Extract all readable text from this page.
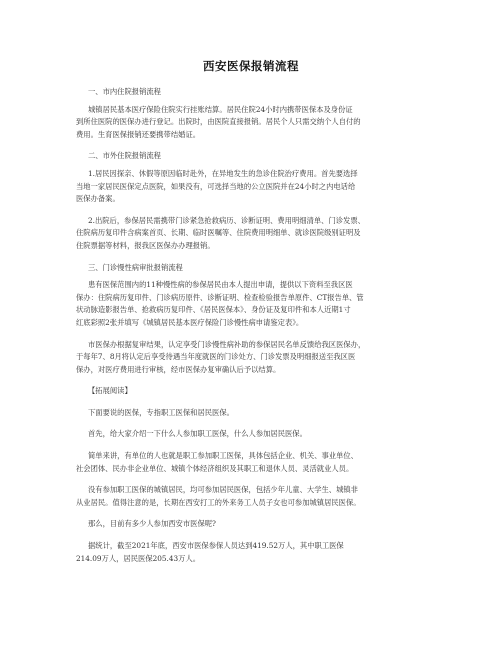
西安医保报销流程
一、市内住院报销流程
城镇居民基本医疗保险住院实行挂账结算。居民住院24小时内携带医保本及身份证
到所住医院的医保办进行登记。出院时，由医院直接报销。居民个人只需交纳个人自付的
费用。生育医保报销还要携带结婚证。
二、市外住院报销流程
1.居民因探亲、休假等原因临时赴外，在异地发生的急诊住院治疗费用。首先要选择
当地一家居民医保定点医院，如果没有，可选择当地的公立医院并在24小时之内电话给
医保办备案。
2.出院后，参保居民需携带门诊紧急抢救病历、诊断证明、费用明细清单、门诊发票、
住院病历复印件含病案首页、长期、临时医嘱等、住院费用明细单、就诊医院级别证明及
住院票据等材料，报我区医保办办理报销。
三、门诊慢性病审批报销流程
患有医保范围内的11种慢性病的参保居民由本人提出申请，提供以下资料至我区医
保办：住院病历复印件、门诊病历原件、诊断证明、检查检验报告单原件、CT报告单、管
状动脉造影报告单、抢救病历复印件、《居民医保本》、身份证及复印件和本人近期1寸
红底彩照2张并填写《城镇居民基本医疗保险门诊慢性病申请鉴定表》。
市医保办根据复审结果，认定享受门诊慢性病补助的参保居民名单反馈给我区医保办，
于每年7、8月将认定后享受待遇当年度就医的门诊处方、门诊发票及明细报送至我区医
保办，对医疗费用进行审核，经市医保办复审确认后予以结算。
【拓展阅读】
下面要说的医保，专指职工医保和居民医保。
首先，给大家介绍一下什么人参加职工医保，什么人参加居民医保。
简单来讲，有单位的人也就是职工参加职工医保，具体包括企业、机关、事业单位、
社会团体、民办非企业单位、城镇个体经济组织及其职工和退休人员、灵活就业人员。
没有参加职工医保的城镇居民，均可参加居民医保，包括少年儿童、大学生、城镇非
从业居民。值得注意的是，长期在西安打工的外来务工人员子女也可参加城镇居民医保。
那么，目前有多少人参加西安市医保呢?
据统计，截至2021年底，西安市医保参保人员达到419.52万人，其中职工医保
214.09万人，居民医保205.43万人。
